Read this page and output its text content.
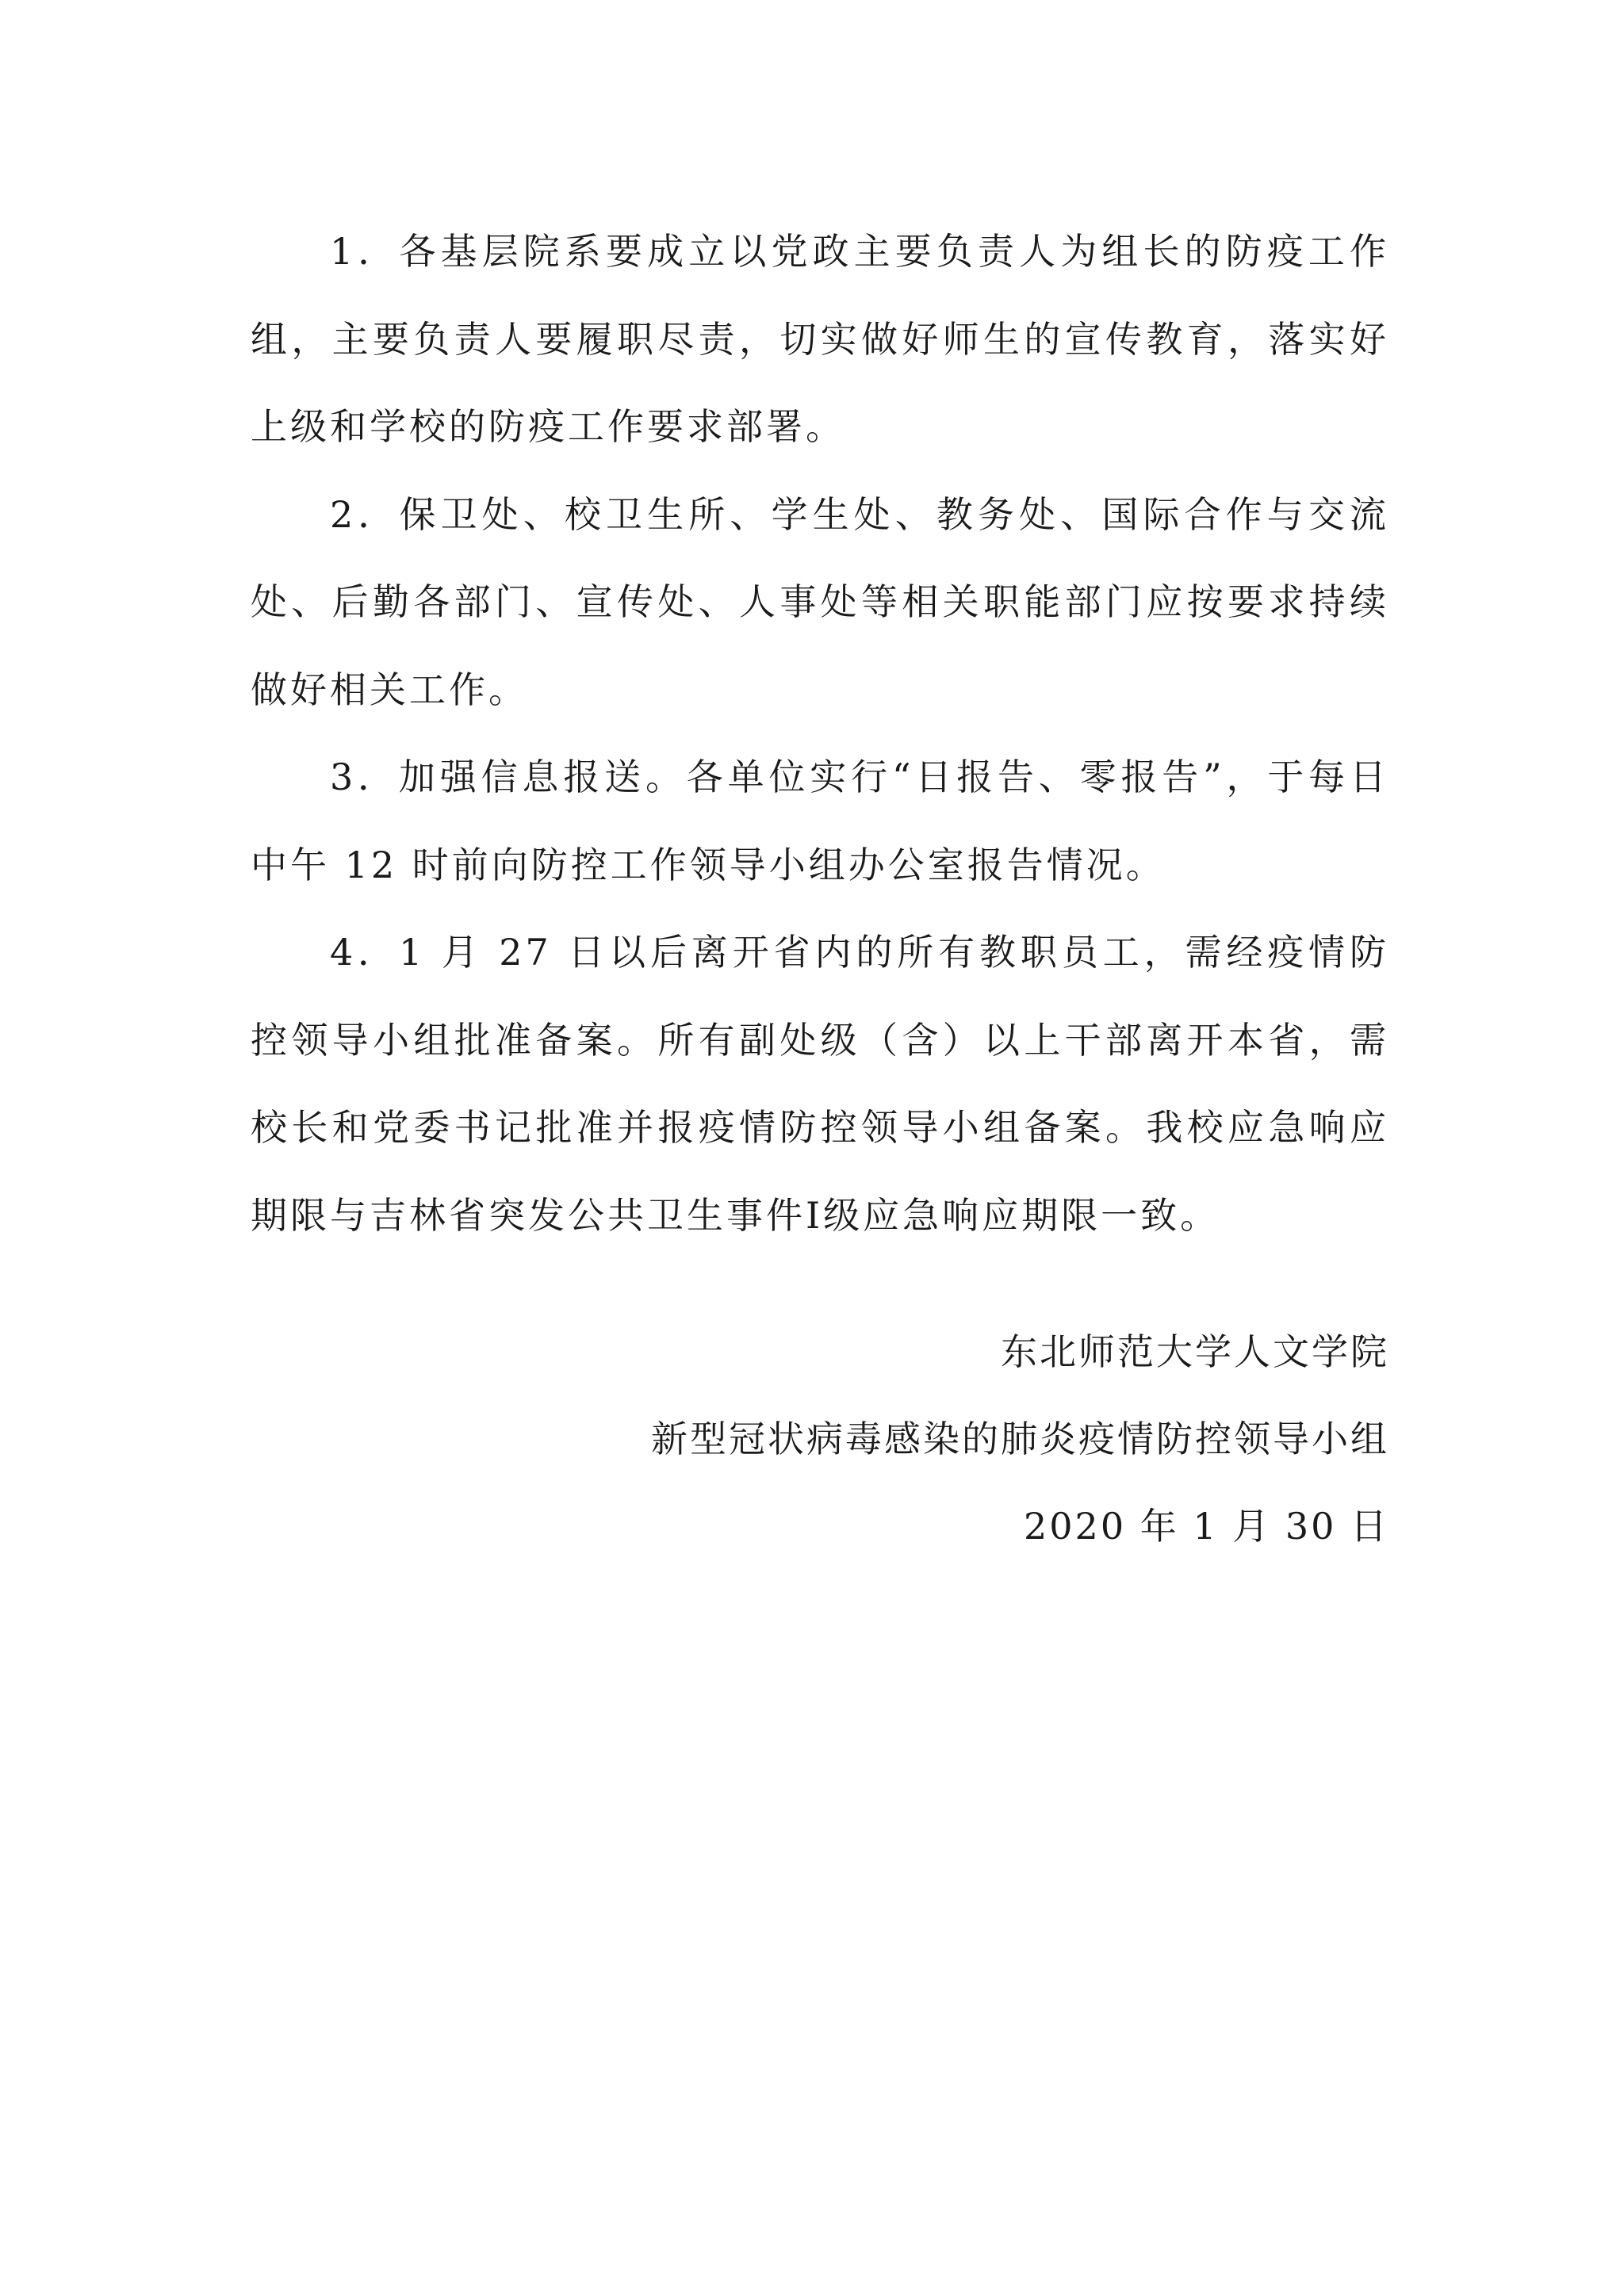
1．各基层院系要成立以党政主要负责人为组长的防疫工作组，主要负责人要履职尽责，切实做好师生的宣传教育，落实好上级和学校的防疫工作要求部署。

2．保卫处、校卫生所、学生处、教务处、国际合作与交流处、后勤各部门、宣传处、人事处等相关职能部门应按要求持续做好相关工作。

3．加强信息报送。各单位实行“日报告、零报告”，于每日中午 12 时前向防控工作领导小组办公室报告情况。

4．1 月 27 日以后离开省内的所有教职员工，需经疫情防控领导小组批准备案。所有副处级（含）以上干部离开本省，需校长和党委书记批准并报疫情防控领导小组备案。我校应急响应期限与吉林省突发公共卫生事件Ⅰ级应急响应期限一致。

东北师范大学人文学院
新型冠状病毒感染的肺炎疫情防控领导小组
2020 年 1 月 30 日
